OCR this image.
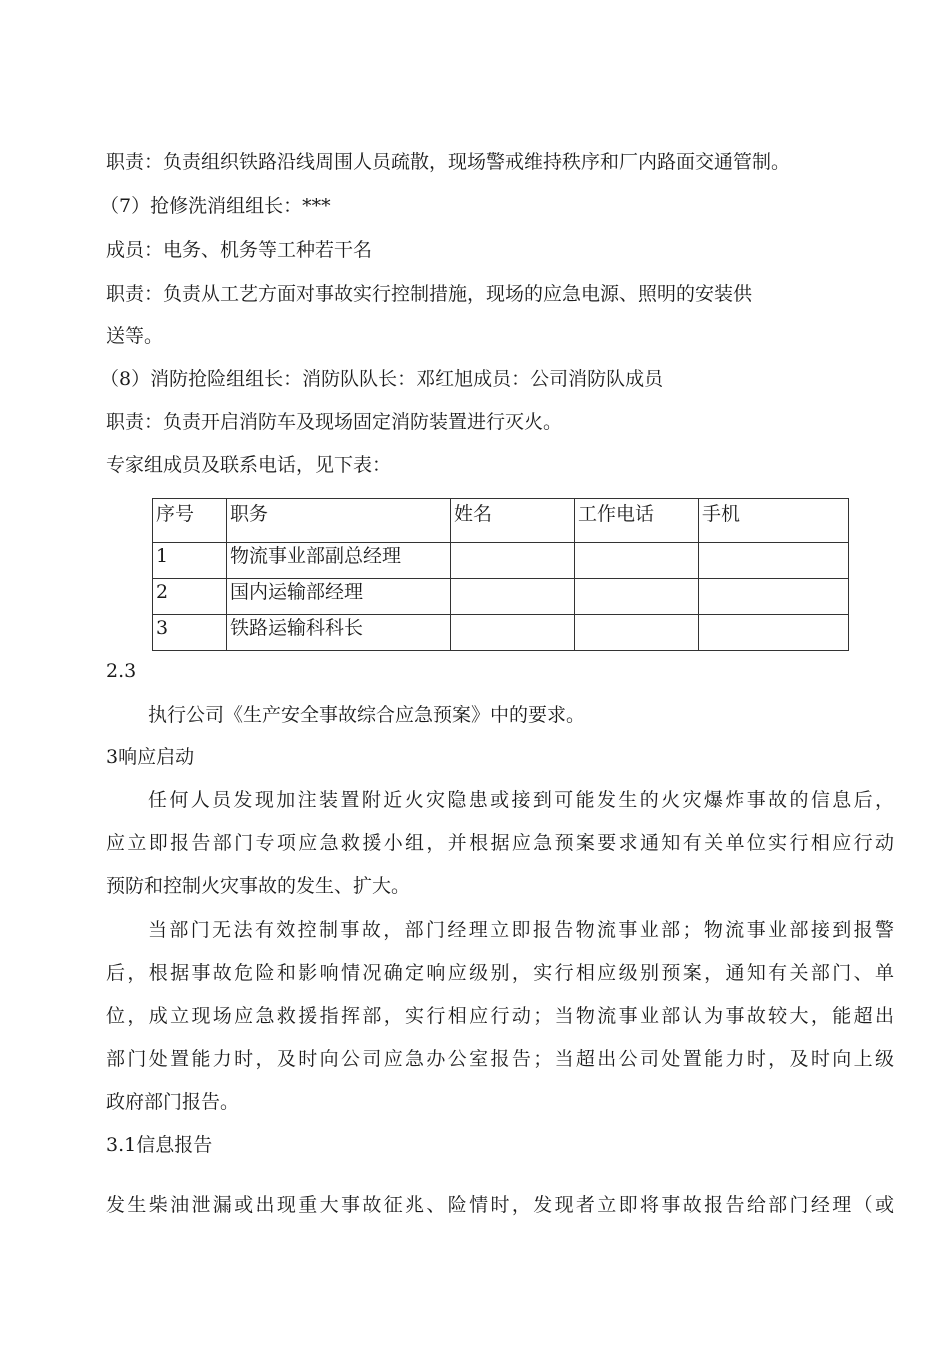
职责：负责组织铁路沿线周围人员疏散，现场警戒维持秩序和厂内路面交通管制。
（7）抢修洗消组组长：***
成员：电务、机务等工种若干名
职责：负责从工艺方面对事故实行控制措施，现场的应急电源、照明的安装供
送等。
（8）消防抢险组组长：消防队队长：邓红旭成员：公司消防队成员
职责：负责开启消防车及现场固定消防装置进行灭火。
专家组成员及联系电话，见下表：
序号	职务	姓名	工作电话	手机
1	物流事业部副总经理			
2	国内运输部经理			
3	铁路运输科科长			
2.3
执行公司《生产安全事故综合应急预案》中的要求。
3响应启动
任何人员发现加注装置附近火灾隐患或接到可能发生的火灾爆炸事故的信息后，
应立即报告部门专项应急救援小组，并根据应急预案要求通知有关单位实行相应行动
预防和控制火灾事故的发生、扩大。
当部门无法有效控制事故，部门经理立即报告物流事业部；物流事业部接到报警
后，根据事故危险和影响情况确定响应级别，实行相应级别预案，通知有关部门、单
位，成立现场应急救援指挥部，实行相应行动；当物流事业部认为事故较大，能超出
部门处置能力时，及时向公司应急办公室报告；当超出公司处置能力时，及时向上级
政府部门报告。
3.1信息报告
发生柴油泄漏或出现重大事故征兆、险情时，发现者立即将事故报告给部门经理（或
